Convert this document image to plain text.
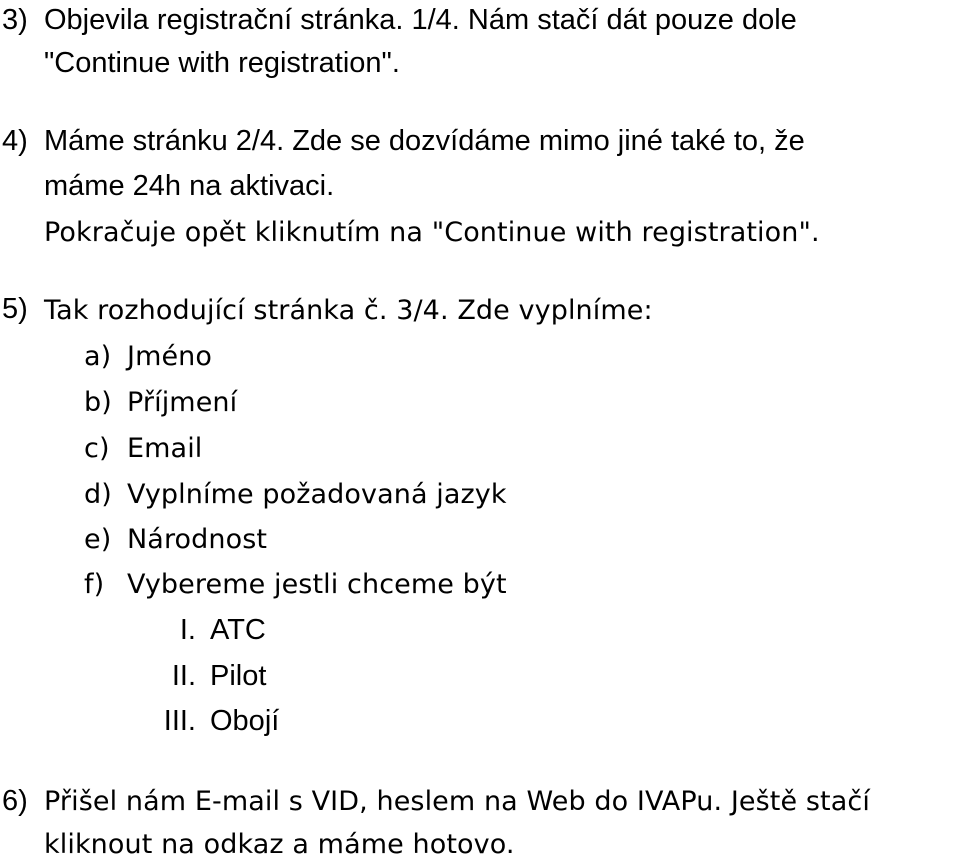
3) Objevila registrační stránka. 1/4. Nám stačí dát pouze dole
"Continue with registration".
4) Máme stránku 2/4. Zde se dozvídáme mimo jiné také to, že
máme 24h na aktivaci.
Pokračuje opět kliknutím na "Continue with registration".
5) Tak rozhodující stránka č. 3/4. Zde vyplníme:
a) Jméno
b) Příjmení
c) Email
d) Vyplníme požadovaná jazyk
e) Národnost
f) Vybereme jestli chceme být
I. ATC
II. Pilot
III. Obojí
6) Přišel nám E-mail s VID, heslem na Web do IVAPu. Ještě stačí
kliknout na odkaz a máme hotovo.
